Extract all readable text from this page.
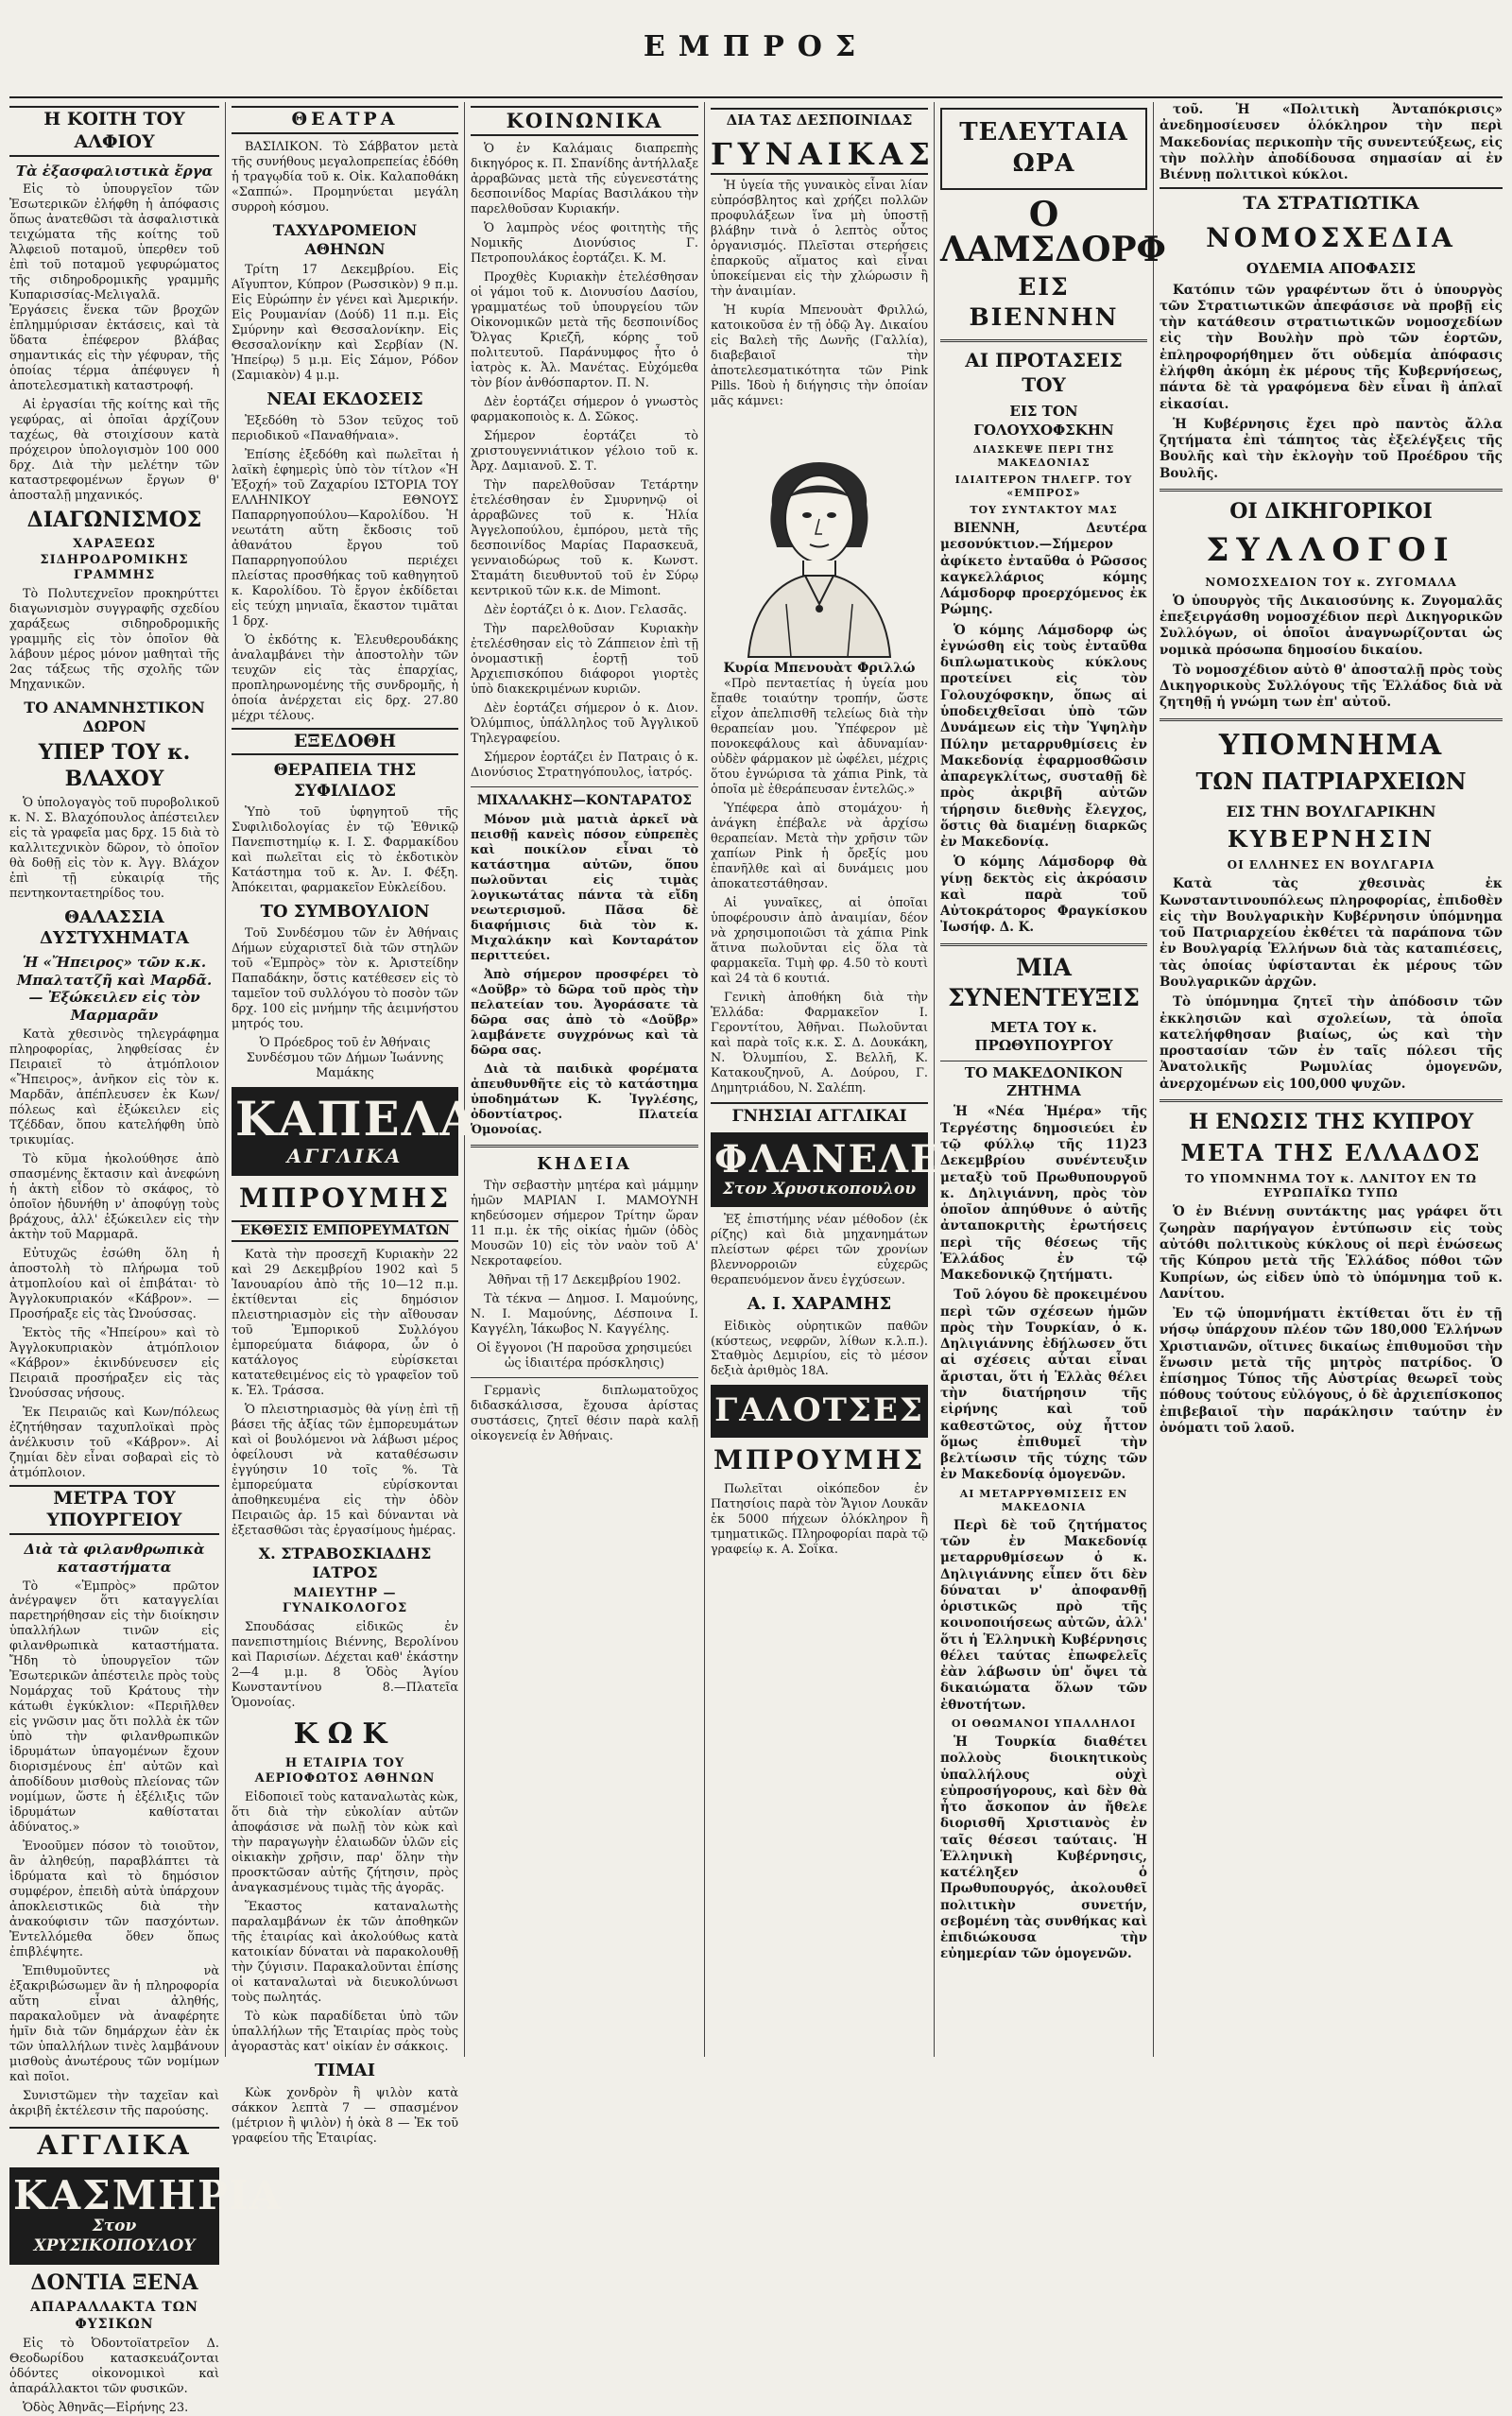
ΕΜΠΡΟΣ
Η ΚΟΙΤΗ ΤΟΥ ΑΛΦΙΟΥ
Τὰ ἐξασφαλιστικὰ ἔργα

Εἰς τὸ ὑπουργεῖον τῶν Ἐσωτερικῶν ἐλήφθη ἡ ἀπόφασις ὅπως ἀνατεθῶσι τὰ ἀσφαλιστικὰ τειχώματα τῆς κοίτης τοῦ Ἀλφειοῦ ποταμοῦ, ὑπερθεν τοῦ ἐπὶ τοῦ ποταμοῦ γεφυρώματος τῆς σιδηροδρομικῆς γραμμῆς Κυπαρισσίας-Μελιγαλᾶ. Ἐργάσεις ἕνεκα τῶν βροχῶν ἐπλημμύρισαν ἐκτάσεις, καὶ τὰ ὕδατα ἐπέφερον βλάβας σημαντικάς εἰς τὴν γέφυραν, τῆς ὁποίας τέρμα ἀπέφυγεν ἡ ἀποτελεσματικὴ καταστροφή.

Αἱ ἐργασίαι τῆς κοίτης καὶ τῆς γεφύρας, αἱ ὁποῖαι ἀρχίζουν ταχέως, θὰ στοιχίσουν κατὰ πρόχειρον ὑπολογισμὸν 100 000 δρχ. Διὰ τὴν μελέτην τῶν καταστρεφομένων ἔργων θ' ἀποσταλῇ μηχανικός.

ΔΙΑΓΩΝΙΣΜΟΣ
ΧΑΡΑΞΕΩΣ ΣΙΔΗΡΟΔΡΟΜΙΚΗΣ ΓΡΑΜΜΗΣ

Τὸ Πολυτεχνεῖον προκηρύττει διαγωνισμὸν συγγραφῆς σχεδίου χαράξεως σιδηροδρομικῆς γραμμῆς εἰς τὸν ὁποῖον θὰ λάβουν μέρος μόνον μαθηταὶ τῆς 2ας τάξεως τῆς σχολῆς τῶν Μηχανικῶν.

ΤΟ ΑΝΑΜΝΗΣΤΙΚΟΝ ΔΩΡΟΝ
ΥΠΕΡ ΤΟΥ κ. ΒΛΑΧΟΥ

Ὁ ὑπολογαγὸς τοῦ πυροβολικοῦ κ. Ν. Σ. Βλαχόπουλος ἀπέστειλεν εἰς τὰ γραφεῖα μας δρχ. 15 διὰ τὸ καλλιτεχνικὸν δῶρον, τὸ ὁποῖον θὰ δοθῇ εἰς τὸν κ. Ἀγγ. Βλάχον ἐπὶ τῇ εὐκαιρίᾳ τῆς πεντηκονταετηρίδος του.

ΘΑΛΑΣΣΙΑ ΔΥΣΤΥΧΗΜΑΤΑ
Ἡ «Ἤπειρος» τῶν κ.κ. Μπαλτατζῆ καὶ Μαρδᾶ. — Ἐξώκειλεν εἰς τὸν Μαρμαρᾶν

Κατὰ χθεσινὸς τηλεγράφημα πληροφορίας, ληφθείσας ἐν Πειραιεῖ τὸ ἀτμόπλοιον «Ἤπειρος», ἀνῆκον εἰς τὸν κ. Μαρδᾶν, ἀπέπλευσεν ἐκ Κων/πόλεως καὶ ἐξώκειλεν εἰς Τζέδδαν, ὅπου κατελήφθη ὑπὸ τρικυμίας.

Τὸ κῦμα ἠκολούθησε ἀπὸ σπασμένης ἔκτασιν καὶ ἀνεφώνη ἡ ἀκτὴ εἶδον τὸ σκάφος, τὸ ὁποῖον ἠδυνήθη ν' ἀποφύγῃ τοὺς βράχους, ἀλλ' ἐξώκειλεν εἰς τὴν ἀκτὴν τοῦ Μαρμαρᾶ.

Εὐτυχῶς ἐσώθη ὅλη ἡ ἀποστολὴ τὸ πλήρωμα τοῦ ἀτμοπλοίου καὶ οἱ ἐπιβάται· τὸ Ἀγγλοκυπριακόν «Κάβρον». — Προσήραξε εἰς τὰς Ὠνούσσας.

Ἐκτὸς τῆς «Ἠπείρου» καὶ τὸ Ἀγγλοκυπριακὸν ἀτμόπλοιον «Κάβρον» ἐκινδύνευσεν εἰς Πειραιᾶ προσήραξεν εἰς τὰς Ὠνούσσας νήσους.

Ἐκ Πειραιῶς καὶ Κων/πόλεως ἐζητήθησαν ταχυπλοϊκαὶ πρὸς ἀνέλκυσιν τοῦ «Κάβρον». Αἱ ζημίαι δὲν εἶναι σοβαραὶ εἰς τὸ ἀτμόπλοιον.

ΜΕΤΡΑ ΤΟΥ ΥΠΟΥΡΓΕΙΟΥ
Διὰ τὰ φιλανθρωπικὰ καταστήματα

Τὸ «Ἐμπρὸς» πρῶτον ἀνέγραψεν ὅτι καταγγελίαι παρετηρήθησαν εἰς τὴν διοίκησιν ὑπαλλήλων τινῶν εἰς φιλανθρωπικὰ καταστήματα. Ἤδη τὸ ὑπουργεῖον τῶν Ἐσωτερικῶν ἀπέστειλε πρὸς τοὺς Νομάρχας τοῦ Κράτους τὴν κάτωθι ἐγκύκλιον: «Περιῆλθεν εἰς γνῶσιν μας ὅτι πολλὰ ἐκ τῶν ὑπὸ τὴν φιλανθρωπικῶν ἱδρυμάτων ὑπαγομένων ἔχουν διορισμένους ἐπ' αὐτῶν καὶ ἀποδίδουν μισθοὺς πλείονας τῶν νομίμων, ὥστε ἡ ἐξέλιξις τῶν ἱδρυμάτων καθίσταται ἀδύνατος.»

Ἐνοοῦμεν πόσον τὸ τοιοῦτον, ἂν ἀληθεύῃ, παραβλάπτει τὰ ἱδρύματα καὶ τὸ δημόσιον συμφέρον, ἐπειδὴ αὐτὰ ὑπάρχουν ἀποκλειστικῶς διὰ τὴν ἀνακούφισιν τῶν πασχόντων. Ἐντελλόμεθα ὅθεν ὅπως ἐπιβλέψητε.

Ἐπιθυμοῦντες νὰ ἐξακριβώσωμεν ἂν ἡ πληροφορία αὕτη εἶναι ἀληθής, παρακαλοῦμεν νὰ ἀναφέρητε ἡμῖν διὰ τῶν δημάρχων ἐὰν ἐκ τῶν ὑπαλλήλων τινὲς λαμβάνουν μισθοὺς ἀνωτέρους τῶν νομίμων καὶ ποῖοι.

Συνιστῶμεν τὴν ταχεῖαν καὶ ἀκριβῆ ἐκτέλεσιν τῆς παρούσης.

ΑΓΓΛΙΚΑ
ΚΑΣΜΗΡΙΑ
Στον ΧΡΥΣΙΚΟΠΟΥΛΟΥ
ΔΟΝΤΙΑ ΞΕΝΑ
ΑΠΑΡΑΛΛΑΚΤΑ ΤΩΝ ΦΥΣΙΚΩΝ

Εἰς τὸ Ὀδοντοϊατρεῖον Δ. Θεοδωρίδου κατασκευάζονται ὁδόντες οἰκονομικοὶ καὶ ἀπαράλλακτοι τῶν φυσικῶν.

Ὁδὸς Ἀθηνᾶς—Εἰρήνης 23.

ΘΕΑΤΡΑ

ΒΑΣΙΛΙΚΟΝ. Τὸ Σάββατον μετὰ τῆς συνήθους μεγαλοπρεπείας ἐδόθη ἡ τραγῳδία τοῦ κ. Οἰκ. Καλαποθάκη «Σαππώ». Προμηνύεται μεγάλη συρροὴ κόσμου.

ΤΑΧΥΔΡΟΜΕΙΟΝ ΑΘΗΝΩΝ

Τρίτη 17 Δεκεμβρίου. Εἰς Αἴγυπτον, Κύπρον (Ρωσσικὸν) 9 π.μ. Εἰς Εὐρώπην ἐν γένει καὶ Ἀμερικήν. Εἰς Ρουμανίαν (Δούδ) 11 π.μ. Εἰς Σμύρνην καὶ Θεσσαλονίκην. Εἰς Θεσσαλονίκην καὶ Σερβίαν (Ν. Ἠπείρῳ) 5 μ.μ. Εἰς Σάμον, Ρόδον (Σαμιακὸν) 4 μ.μ.

ΝΕΑΙ ΕΚΔΟΣΕΙΣ

Ἐξεδόθη τὸ 53ον τεῦχος τοῦ περιοδικοῦ «Παναθήναια».

Ἐπίσης ἐξεδόθη καὶ πωλεῖται ἡ λαϊκὴ ἐφημερὶς ὑπὸ τὸν τίτλον «Ἡ Ἐξοχή» τοῦ Ζαχαρίου ΙΣΤΟΡΙΑ ΤΟΥ ΕΛΛΗΝΙΚΟΥ ΕΘΝΟΥΣ Παπαρρηγοπούλου—Καρολίδου. Ἡ νεωτάτη αὕτη ἔκδοσις τοῦ ἀθανάτου ἔργου τοῦ Παπαρρηγοπούλου περιέχει πλείστας προσθήκας τοῦ καθηγητοῦ κ. Καρολίδου. Τὸ ἔργον ἐκδίδεται εἰς τεύχη μηνιαῖα, ἕκαστον τιμᾶται 1 δρχ.

Ὁ ἐκδότης κ. Ἐλευθερουδάκης ἀναλαμβάνει τὴν ἀποστολὴν τῶν τευχῶν εἰς τὰς ἐπαρχίας, προπληρωνομένης τῆς συνδρομῆς, ἡ ὁποία ἀνέρχεται εἰς δρχ. 27.80 μέχρι τέλους.

ΕΞΕΔΟΘΗ
ΘΕΡΑΠΕΙΑ ΤΗΣ ΣΥΦΙΛΙΔΟΣ

Ὑπὸ τοῦ ὑφηγητοῦ τῆς Συφιλιδολογίας ἐν τῷ Ἐθνικῷ Πανεπιστημίῳ κ. Ι. Σ. Φαρμακίδου καὶ πωλεῖται εἰς τὸ ἐκδοτικὸν Κατάστημα τοῦ κ. Ἀν. Ι. Φέξη. Ἀπόκειται, φαρμακεῖον Εὐκλείδου.

ΤΟ ΣΥΜΒΟΥΛΙΟΝ

Τοῦ Συνδέσμου τῶν ἐν Ἀθήναις Δήμων εὐχαριστεῖ διὰ τῶν στηλῶν τοῦ «Ἐμπρὸς» τὸν κ. Ἀριστείδην Παπαδάκην, ὅστις κατέθεσεν εἰς τὸ ταμεῖον τοῦ συλλόγου τὸ ποσὸν τῶν δρχ. 100 εἰς μνήμην τῆς ἀειμνήστου μητρός του.

Ὁ Πρόεδρος τοῦ ἐν Ἀθήναις Συνδέσμου τῶν Δήμων Ἰωάννης Μαμάκης

ΚΑΠΕΛΑ
ΑΓΓΛΙΚΑ
ΜΠΡΟΥΜΗΣ
ΕΚΘΕΣΙΣ ΕΜΠΟΡΕΥΜΑΤΩΝ

Κατὰ τὴν προσεχῆ Κυριακὴν 22 καὶ 29 Δεκεμβρίου 1902 καὶ 5 Ἰανουαρίου ἀπὸ τῆς 10—12 π.μ. ἐκτίθενται εἰς δημόσιον πλειστηριασμὸν εἰς τὴν αἴθουσαν τοῦ Ἐμπορικοῦ Συλλόγου ἐμπορεύματα διάφορα, ὧν ὁ κατάλογος εὑρίσκεται κατατεθειμένος εἰς τὸ γραφεῖον τοῦ κ. Ἐλ. Τράσσα.

Ὁ πλειστηριασμὸς θὰ γίνῃ ἐπὶ τῇ βάσει τῆς ἀξίας τῶν ἐμπορευμάτων καὶ οἱ βουλόμενοι νὰ λάβωσι μέρος ὀφείλουσι νὰ καταθέσωσιν ἐγγύησιν 10 τοῖς %. Τὰ ἐμπορεύματα εὑρίσκονται ἀποθηκευμένα εἰς τὴν ὁδὸν Πειραιῶς ἀρ. 15 καὶ δύνανται νὰ ἐξετασθῶσι τὰς ἐργασίμους ἡμέρας.

Χ. ΣΤΡΑΒΟΣΚΙΑΔΗΣ ΙΑΤΡΟΣ
ΜΑΙΕΥΤΗΡ — ΓΥΝΑΙΚΟΛΟΓΟΣ

Σπουδάσας εἰδικῶς ἐν πανεπιστημίοις Βιέννης, Βερολίνου καὶ Παρισίων. Δέχεται καθ' ἑκάστην 2—4 μ.μ. 8 Ὁδὸς Ἁγίου Κωνσταντίνου 8.—Πλατεῖα Ὁμονοίας.

ΚΩΚ
Η ΕΤΑΙΡΙΑ ΤΟΥ ΑΕΡΙΟΦΩΤΟΣ ΑΘΗΝΩΝ

Εἰδοποιεῖ τοὺς καταναλωτὰς κὼκ, ὅτι διὰ τὴν εὐκολίαν αὐτῶν ἀποφάσισε νὰ πωλῇ τὸν κὼκ καὶ τὴν παραγωγὴν ἐλαιωδῶν ὑλῶν εἰς οἰκιακὴν χρῆσιν, παρ' ὅλην τὴν προσκτῶσαν αὐτῆς ζήτησιν, πρὸς ἀναγκασμένους τιμὰς τῆς ἀγορᾶς.

Ἕκαστος καταναλωτὴς παραλαμβάνων ἐκ τῶν ἀποθηκῶν τῆς ἑταιρίας καὶ ἀκολούθως κατὰ κατοικίαν δύναται νὰ παρακολουθῇ τὴν ζύγισιν. Παρακαλοῦνται ἐπίσης οἱ καταναλωταὶ νὰ διευκολύνωσι τοὺς πωλητάς.

Τὸ κὼκ παραδίδεται ὑπὸ τῶν ὑπαλλήλων τῆς Ἑταιρίας πρὸς τοὺς ἀγοραστὰς κατ' οἰκίαν ἐν σάκκοις.

ΤΙΜΑΙ

Κὼκ χονδρὸν ἢ ψιλὸν κατὰ σάκκον λεπτὰ 7 — σπασμένον (μέτριον ἢ ψιλὸν) ἡ ὀκὰ 8 — Ἐκ τοῦ γραφείου τῆς Ἑταιρίας.

ΚΟΙΝΩΝΙΚΑ

Ὁ ἐν Καλάμαις διαπρεπὴς δικηγόρος κ. Π. Σπανίδης ἀντήλλαξε ἀρραβῶνας μετὰ τῆς εὐγενεστάτης δεσποινίδος Μαρίας Βασιλάκου τὴν παρελθοῦσαν Κυριακήν.

Ὁ λαμπρὸς νέος φοιτητὴς τῆς Νομικῆς Διονύσιος Γ. Πετροπουλάκος ἑορτάζει. Κ. Μ.

Προχθὲς Κυριακὴν ἐτελέσθησαν οἱ γάμοι τοῦ κ. Διονυσίου Δασίου, γραμματέως τοῦ ὑπουργείου τῶν Οἰκονομικῶν μετὰ τῆς δεσποινίδος Ὄλγας Κριεζῆ, κόρης τοῦ πολιτευτοῦ. Παράνυμφος ἦτο ὁ ἰατρὸς κ. Ἀλ. Μανέτας. Εὐχόμεθα τὸν βίον ἀνθόσπαρτον. Π. Ν.

Δὲν ἑορτάζει σήμερον ὁ γνωστὸς φαρμακοποιὸς κ. Δ. Σῶκος.

Σήμερον ἑορτάζει τὸ χριστουγεννιάτικον γέλοιο τοῦ κ. Ἀρχ. Δαμιανοῦ. Σ. Τ.

Τὴν παρελθοῦσαν Τετάρτην ἐτελέσθησαν ἐν Σμυρνηνῷ οἱ ἀρραβῶνες τοῦ κ. Ἠλία Ἀγγελοπούλου, ἐμπόρου, μετὰ τῆς δεσποινίδος Μαρίας Παρασκευᾶ, γενναιοδώρως τοῦ κ. Κωνστ. Σταμάτη διευθυντοῦ τοῦ ἐν Σύρῳ κεντρικοῦ τῶν κ.κ. de Mimont.

Δὲν ἑορτάζει ὁ κ. Διον. Γελασᾶς.

Τὴν παρελθοῦσαν Κυριακὴν ἐτελέσθησαν εἰς τὸ Ζάππειον ἐπὶ τῇ ὀνομαστικῇ ἑορτῇ τοῦ Ἀρχιεπισκόπου διάφοροι γιορτὲς ὑπὸ διακεκριμένων κυριῶν.

Δὲν ἑορτάζει σήμερον ὁ κ. Διον. Ὀλύμπιος, ὑπάλληλος τοῦ Ἀγγλικοῦ Τηλεγραφείου.

Σήμερον ἑορτάζει ἐν Πατραις ὁ κ. Διονύσιος Στρατηγόπουλος, ἰατρός.

ΜΙΧΑΛΑΚΗΣ—ΚΟΝΤΑΡΑΤΟΣ

Μόνον μιὰ ματιὰ ἀρκεῖ νὰ πεισθῇ κανεὶς πόσον εὐπρεπὲς καὶ ποικίλον εἶναι τὸ κατάστημα αὐτῶν, ὅπου πωλοῦνται εἰς τιμὰς λογικωτάτας πάντα τὰ εἴδη νεωτερισμοῦ. Πᾶσα δὲ διαφήμισις διὰ τὸν κ. Μιχαλάκην καὶ Κονταράτον περιττεύει.

Ἀπὸ σήμερον προσφέρει τὸ «Δοῦβρ» τὸ δῶρα τοῦ πρὸς τὴν πελατείαν του. Ἀγοράσατε τὰ δῶρα σας ἀπὸ τὸ «Δοῦβρ» λαμβάνετε συγχρόνως καὶ τὰ δῶρα σας.

Διὰ τὰ παιδικὰ φορέματα ἀπευθυνθῆτε εἰς τὸ κατάστημα ὑποδημάτων Κ. Ἰγγλέσης, ὀδοντίατρος. Πλατεία Ὁμονοίας.

ΚΗΔΕΙΑ

Τὴν σεβαστὴν μητέρα καὶ μάμμην ἡμῶν ΜΑΡΙΑΝ Ι. ΜΑΜΟΥΝΗ κηδεύσομεν σήμερον Τρίτην ὥραν 11 π.μ. ἐκ τῆς οἰκίας ἡμῶν (ὁδὸς Μουσῶν 10) εἰς τὸν ναὸν τοῦ Α' Νεκροταφείου.

Ἀθῆναι τῇ 17 Δεκεμβρίου 1902.

Τὰ τέκνα — Δημοσ. Ι. Μαμούνης, Ν. Ι. Μαμούνης, Δέσποινα Ι. Καγγέλη, Ἰάκωβος Ν. Καγγέλης.

Οἱ ἔγγονοι (Ἡ παροῦσα χρησιμεύει ὡς ἰδιαιτέρα πρόσκλησις)

Γερμανὶς διπλωματοῦχος διδασκάλισσα, ἔχουσα ἀρίστας συστάσεις, ζητεῖ θέσιν παρὰ καλῇ οἰκογενείᾳ ἐν Ἀθήναις.

ΔΙΑ ΤΑΣ ΔΕΣΠΟΙΝΙΔΑΣ
ΓΥΝΑΙΚΑΣ

Ἡ ὑγεία τῆς γυναικὸς εἶναι λίαν εὐπρόσβλητος καὶ χρήζει πολλῶν προφυλάξεων ἵνα μὴ ὑποστῇ βλάβην τινὰ ὁ λεπτὸς οὗτος ὀργανισμός. Πλεῖσται στερήσεις ἐπαρκοῦς αἵματος καὶ εἶναι ὑποκείμεναι εἰς τὴν χλώρωσιν ἢ τὴν ἀναιμίαν.

Ἡ κυρία Μπενουὰτ Φριλλώ, κατοικοῦσα ἐν τῇ ὁδῷ Ἀγ. Δικαίου εἰς Βαλεὴ τῆς Δωνῆς (Γαλλία), διαβεβαιοῖ τὴν ἀποτελεσματικότητα τῶν Pink Pills. Ἰδοὺ ἡ διήγησις τὴν ὁποίαν μᾶς κάμνει:

Κυρία Μπενουὰτ Φριλλώ

«Πρὸ πενταετίας ἡ ὑγεία μου ἔπαθε τοιαύτην τροπήν, ὥστε εἶχον ἀπελπισθῆ τελείως διὰ τὴν θεραπείαν μου. Ὑπέφερον μὲ πονοκεφάλους καὶ ἀδυναμίαν· οὐδὲν φάρμακον μὲ ὠφέλει, μέχρις ὅτου ἐγνώρισα τὰ χάπια Pink, τὰ ὁποῖα μὲ ἐθεράπευσαν ἐντελῶς.»

Ὑπέφερα ἀπὸ στομάχου· ἡ ἀνάγκη ἐπέβαλε νὰ ἀρχίσω θεραπείαν. Μετὰ τὴν χρῆσιν τῶν χαπίων Pink ἡ ὄρεξίς μου ἐπανῆλθε καὶ αἱ δυνάμεις μου ἀποκατεστάθησαν.

Αἱ γυναῖκες, αἱ ὁποῖαι ὑποφέρουσιν ἀπὸ ἀναιμίαν, δέον νὰ χρησιμοποιῶσι τὰ χάπια Pink ἅτινα πωλοῦνται εἰς ὅλα τὰ φαρμακεῖα. Τιμὴ φρ. 4.50 τὸ κουτὶ καὶ 24 τὰ 6 κουτιά.

Γενικὴ ἀποθήκη διὰ τὴν Ἑλλάδα: Φαρμακεῖον Ι. Γεροντίτου, Ἀθῆναι. Πωλοῦνται καὶ παρὰ τοῖς κ.κ. Σ. Δ. Δουκάκη, Ν. Ὀλυμπίου, Σ. Βελλῆ, Κ. Κατακουζηνοῦ, Α. Δούρου, Γ. Δημητριάδου, Ν. Σαλέπη.

ΓΝΗΣΙΑΙ ΑΓΓΛΙΚΑΙ
ΦΛΑΝΕΛΕΣ
Στον Χρυσικοπουλου

Ἐξ ἐπιστήμης νέαν μέθοδον (ἐκ ρίζης) καὶ διὰ μηχανημάτων πλείστων φέρει τῶν χρονίων βλεννορροιῶν εὐχερῶς θεραπευόμενον ἄνευ ἐγχύσεων.

Α. Ι. ΧΑΡΑΜΗΣ

Εἰδικὸς οὐρητικῶν παθῶν (κύστεως, νεφρῶν, λίθων κ.λ.π.). Σταθμὸς Δεμιρίου, εἰς τὸ μέσον δεξιὰ ἀριθμὸς 18Α.

ΓΑΛΟΤΣΕΣ
ΜΠΡΟΥΜΗΣ

Πωλεῖται οἰκόπεδον ἐν Πατησίοις παρὰ τὸν Ἅγιον Λουκᾶν ἐκ 5000 πήχεων ὁλόκληρον ἢ τμηματικῶς. Πληροφορίαι παρὰ τῷ γραφείῳ κ. Α. Σοΐκα.

ΤΕΛΕΥΤΑΙΑ ΩΡΑ
Ο ΛΑΜΣΔΟΡΦ
ΕΙΣ ΒΙΕΝΝΗΝ
ΑΙ ΠΡΟΤΑΣΕΙΣ ΤΟΥ
ΕΙΣ ΤΟΝ ΓΟΛΟΥΧΟΦΣΚΗΝ
ΔΙΑΣΚΕΨΕ ΠΕΡΙ ΤΗΣ ΜΑΚΕΔΟΝΙΑΣ
ΙΔΙΑΙΤΕΡΟΝ ΤΗΛΕΓΡ. ΤΟΥ «ΕΜΠΡΟΣ»
ΤΟΥ ΣΥΝΤΑΚΤΟΥ ΜΑΣ

ΒΙΕΝΝΗ, Δευτέρα μεσονύκτιον.—Σήμερον ἀφίκετο ἐνταῦθα ὁ Ρῶσσος καγκελλάριος κόμης Λάμσδορφ προερχόμενος ἐκ Ρώμης.

Ὁ κόμης Λάμσδορφ ὡς ἐγνώσθη εἰς τοὺς ἐνταῦθα διπλωματικοὺς κύκλους προτείνει εἰς τὸν Γολουχόφσκην, ὅπως αἱ ὑποδειχθεῖσαι ὑπὸ τῶν Δυνάμεων εἰς τὴν Ὑψηλὴν Πύλην μεταρρυθμίσεις ἐν Μακεδονίᾳ ἐφαρμοσθῶσιν ἀπαρεγκλίτως, συσταθῇ δὲ πρὸς ἀκριβῆ αὐτῶν τήρησιν διεθνὴς ἔλεγχος, ὅστις θὰ διαμένῃ διαρκῶς ἐν Μακεδονίᾳ.

Ὁ κόμης Λάμσδορφ θὰ γίνῃ δεκτὸς εἰς ἀκρόασιν καὶ παρὰ τοῦ Αὐτοκράτορος Φραγκίσκου Ἰωσήφ. Δ. Κ.

ΜΙΑ ΣΥΝΕΝΤΕΥΞΙΣ
ΜΕΤΑ ΤΟΥ κ. ΠΡΩΘΥΠΟΥΡΓΟΥ
ΤΟ ΜΑΚΕΔΟΝΙΚΟΝ ΖΗΤΗΜΑ

Ἡ «Νέα Ἡμέρα» τῆς Τεργέστης δημοσιεύει ἐν τῷ φύλλῳ τῆς 11)23 Δεκεμβρίου συνέντευξιν μεταξὺ τοῦ Πρωθυπουργοῦ κ. Δηλιγιάννη, πρὸς τὸν ὁποῖον ἀπηύθυνε ὁ αὐτῆς ἀνταποκριτὴς ἐρωτήσεις περὶ τῆς θέσεως τῆς Ἑλλάδος ἐν τῷ Μακεδονικῷ ζητήματι.

Τοῦ λόγου δὲ προκειμένου περὶ τῶν σχέσεων ἡμῶν πρὸς τὴν Τουρκίαν, ὁ κ. Δηλιγιάννης ἐδήλωσεν ὅτι αἱ σχέσεις αὗται εἶναι ἄρισται, ὅτι ἡ Ἑλλὰς θέλει τὴν διατήρησιν τῆς εἰρήνης καὶ τοῦ καθεστῶτος, οὐχ ἧττον ὅμως ἐπιθυμεῖ τὴν βελτίωσιν τῆς τύχης τῶν ἐν Μακεδονίᾳ ὁμογενῶν.

ΑΙ ΜΕΤΑΡΡΥΘΜΙΣΕΙΣ ΕΝ ΜΑΚΕΔΟΝΙΑ

Περὶ δὲ τοῦ ζητήματος τῶν ἐν Μακεδονίᾳ μεταρρυθμίσεων ὁ κ. Δηλιγιάννης εἶπεν ὅτι δὲν δύναται ν' ἀποφανθῇ ὁριστικῶς πρὸ τῆς κοινοποιήσεως αὐτῶν, ἀλλ' ὅτι ἡ Ἑλληνικὴ Κυβέρνησις θέλει ταύτας ἐπωφελεῖς ἐὰν λάβωσιν ὑπ' ὄψει τὰ δικαιώματα ὅλων τῶν ἐθνοτήτων.

ΟΙ ΟΘΩΜΑΝΟΙ ΥΠΑΛΛΗΛΟΙ

Ἡ Τουρκία διαθέτει πολλοὺς διοικητικοὺς ὑπαλλήλους οὐχὶ εὐπροσήγορους, καὶ δὲν θὰ ἦτο ἄσκοπον ἀν ἤθελε διορισθῆ Χριστιανὸς ἐν ταῖς θέσεσι ταύταις. Ἡ Ἑλληνικὴ Κυβέρνησις, κατέληξεν ὁ Πρωθυπουργός, ἀκολουθεῖ πολιτικὴν συνετήν, σεβομένη τὰς συνθήκας καὶ ἐπιδιώκουσα τὴν εὐημερίαν τῶν ὁμογενῶν.

τοῦ. Ἡ «Πολιτικὴ Ἀνταπόκρισις» ἀνεδημοσίευσεν ὁλόκληρον τὴν περὶ Μακεδονίας περικοπὴν τῆς συνεντεύξεως, εἰς τὴν πολλὴν ἀποδίδουσα σημασίαν αἱ ἐν Βιέννῃ πολιτικοὶ κύκλοι.

ΤΑ ΣΤΡΑΤΙΩΤΙΚΑ
ΝΟΜΟΣΧΕΔΙΑ
ΟΥΔΕΜΙΑ ΑΠΟΦΑΣΙΣ

Κατόπιν τῶν γραφέντων ὅτι ὁ ὑπουργὸς τῶν Στρατιωτικῶν ἀπεφάσισε νὰ προβῇ εἰς τὴν κατάθεσιν στρατιωτικῶν νομοσχεδίων εἰς τὴν Βουλὴν πρὸ τῶν ἑορτῶν, ἐπληροφορήθημεν ὅτι οὐδεμία ἀπόφασις ἐλήφθη ἀκόμη ἐκ μέρους τῆς Κυβερνήσεως, πάντα δὲ τὰ γραφόμενα δὲν εἶναι ἢ ἁπλαῖ εἰκασίαι.

Ἡ Κυβέρνησις ἔχει πρὸ παντὸς ἄλλα ζητήματα ἐπὶ τάπητος τὰς ἐξελέγξεις τῆς Βουλῆς καὶ τὴν ἐκλογὴν τοῦ Προέδρου τῆς Βουλῆς.

ΟΙ ΔΙΚΗΓΟΡΙΚΟΙ
ΣΥΛΛΟΓΟΙ
ΝΟΜΟΣΧΕΔΙΟΝ ΤΟΥ κ. ΖΥΓΟΜΑΛΑ

Ὁ ὑπουργὸς τῆς Δικαιοσύνης κ. Ζυγομαλᾶς ἐπεξειργάσθη νομοσχέδιον περὶ Δικηγορικῶν Συλλόγων, οἱ ὁποῖοι ἀναγνωρίζονται ὡς νομικὰ πρόσωπα δημοσίου δικαίου.

Τὸ νομοσχέδιον αὐτὸ θ' ἀποσταλῇ πρὸς τοὺς Δικηγορικοὺς Συλλόγους τῆς Ἑλλάδος διὰ νὰ ζητηθῇ ἡ γνώμη των ἐπ' αὐτοῦ.

ΥΠΟΜΝΗΜΑ
ΤΩΝ ΠΑΤΡΙΑΡΧΕΙΩΝ
ΕΙΣ ΤΗΝ ΒΟΥΛΓΑΡΙΚΗΝ
ΚΥΒΕΡΝΗΣΙΝ
ΟΙ ΕΛΛΗΝΕΣ ΕΝ ΒΟΥΛΓΑΡΙΑ

Κατὰ τὰς χθεσινὰς ἐκ Κωνσταντινουπόλεως πληροφορίας, ἐπιδοθὲν εἰς τὴν Βουλγαρικὴν Κυβέρνησιν ὑπόμνημα τοῦ Πατριαρχείου ἐκθέτει τὰ παράπονα τῶν ἐν Βουλγαρίᾳ Ἑλλήνων διὰ τὰς καταπιέσεις, τὰς ὁποίας ὑφίστανται ἐκ μέρους τῶν Βουλγαρικῶν ἀρχῶν.

Τὸ ὑπόμνημα ζητεῖ τὴν ἀπόδοσιν τῶν ἐκκλησιῶν καὶ σχολείων, τὰ ὁποῖα κατελήφθησαν βιαίως, ὡς καὶ τὴν προστασίαν τῶν ἐν ταῖς πόλεσι τῆς Ἀνατολικῆς Ρωμυλίας ὁμογενῶν, ἀνερχομένων εἰς 100,000 ψυχῶν.

Η ΕΝΩΣΙΣ ΤΗΣ ΚΥΠΡΟΥ
ΜΕΤΑ ΤΗΣ ΕΛΛΑΔΟΣ
ΤΟ ΥΠΟΜΝΗΜΑ ΤΟΥ κ. ΛΑΝΙΤΟΥ ΕΝ ΤΩ ΕΥΡΩΠΑΪΚΩ ΤΥΠΩ

Ὁ ἐν Βιέννῃ συντάκτης μας γράφει ὅτι ζωηρὰν παρήγαγον ἐντύπωσιν εἰς τοὺς αὐτόθι πολιτικοὺς κύκλους οἱ περὶ ἑνώσεως τῆς Κύπρου μετὰ τῆς Ἑλλάδος πόθοι τῶν Κυπρίων, ὡς εἰδεν ὑπὸ τὸ ὑπόμνημα τοῦ κ. Λανίτου.

Ἐν τῷ ὑπομνήματι ἐκτίθεται ὅτι ἐν τῇ νήσῳ ὑπάρχουν πλέον τῶν 180,000 Ἑλλήνων Χριστιανῶν, οἵτινες δικαίως ἐπιθυμοῦσι τὴν ἕνωσιν μετὰ τῆς μητρὸς πατρίδος. Ὁ ἐπίσημος Τύπος τῆς Αὐστρίας θεωρεῖ τοὺς πόθους τούτους εὐλόγους, ὁ δὲ ἀρχιεπίσκοπος ἐπιβεβαιοῖ τὴν παράκλησιν ταύτην ἐν ὀνόματι τοῦ λαοῦ.
